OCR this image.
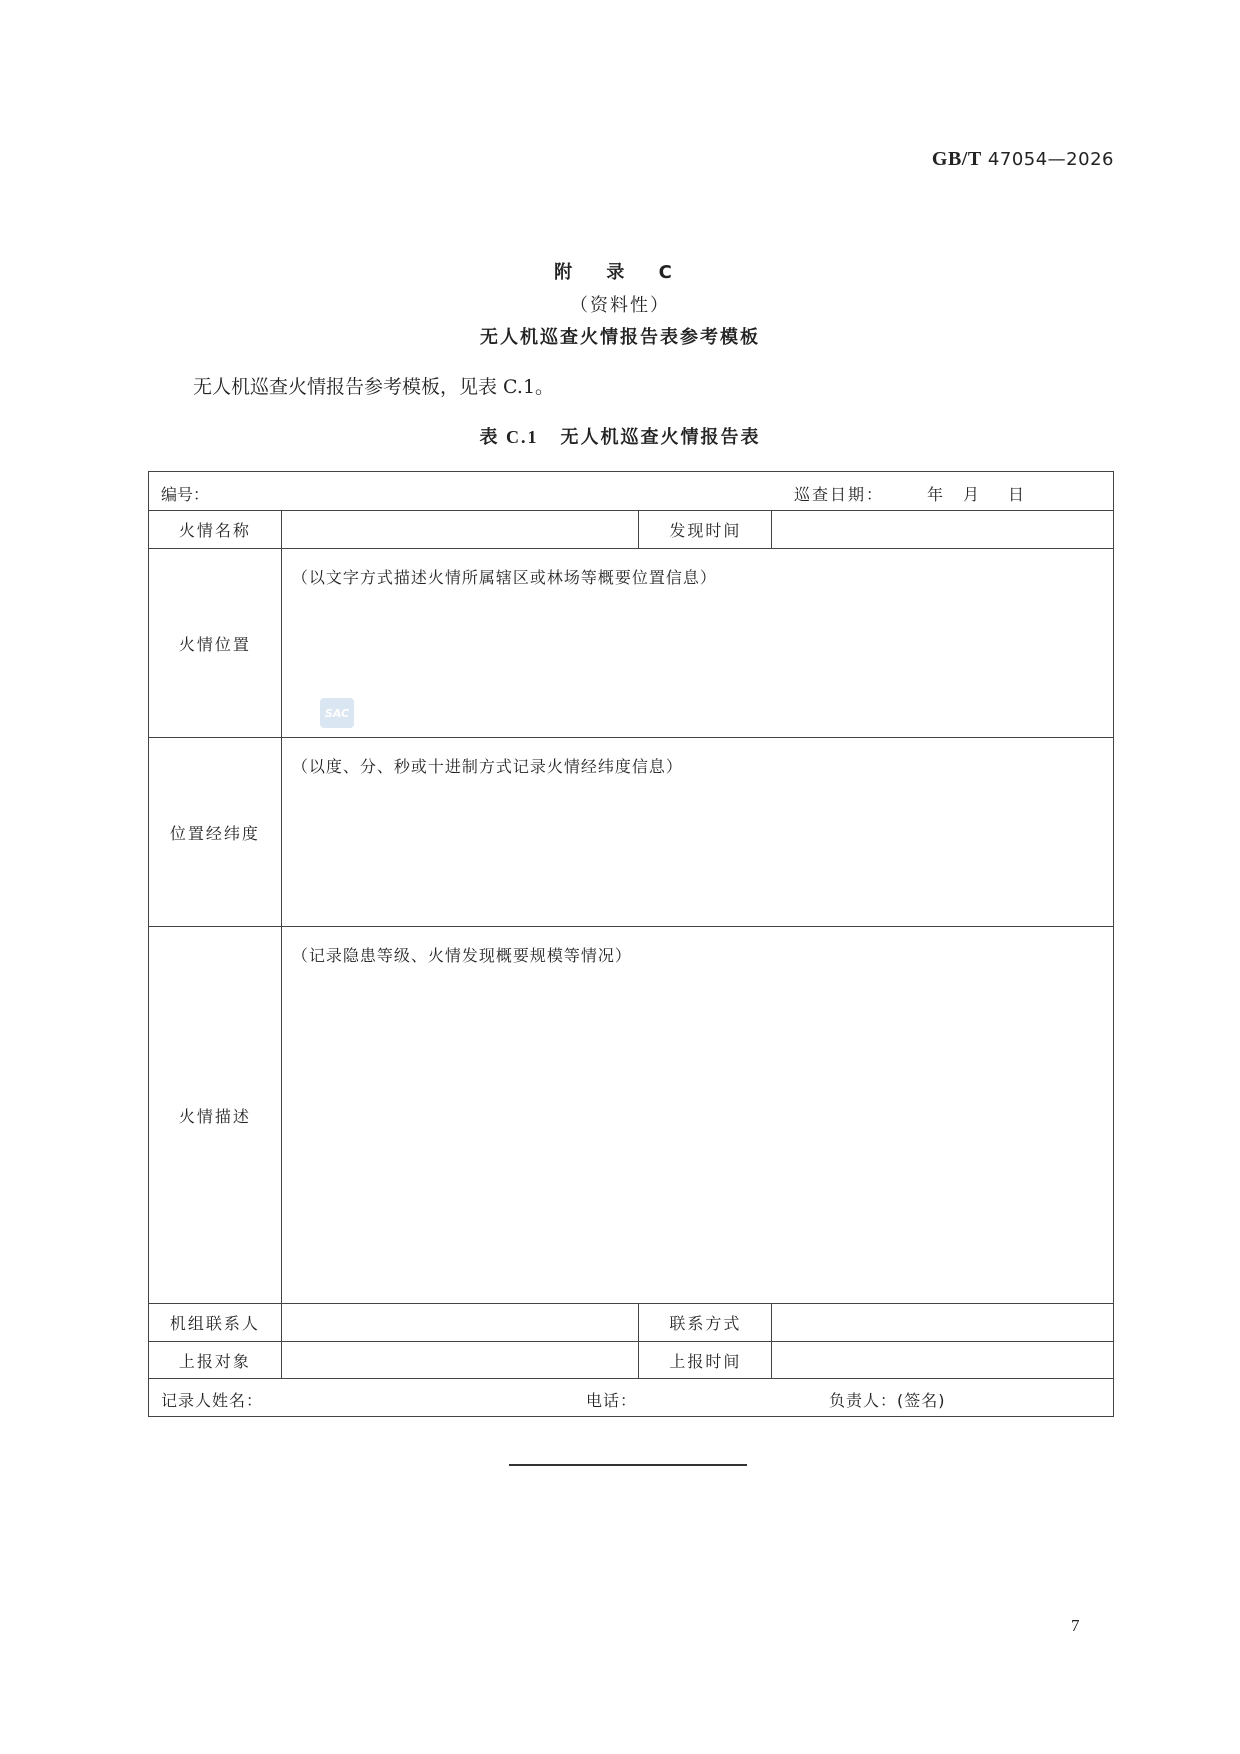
GB/T 47054—2026
附 录 C
（资料性）
无人机巡查火情报告表参考模板
无人机巡查火情报告参考模板，见表 C.1。
表 C.1 无人机巡查火情报告表
编号： 巡查日期： 年 月 日			

火情名称		发现时间	
火情位置	（以文字方式描述火情所属辖区或林场等概要位置信息）		
位置经纬度	（以度、分、秒或十进制方式记录火情经纬度信息）		
火情描述	（记录隐患等级、火情发现概要规模等情况）		
机组联系人		联系方式	
上报对象		上报时间	

记录人姓名： 电话： 负责人：(签名)			
SAC
7
